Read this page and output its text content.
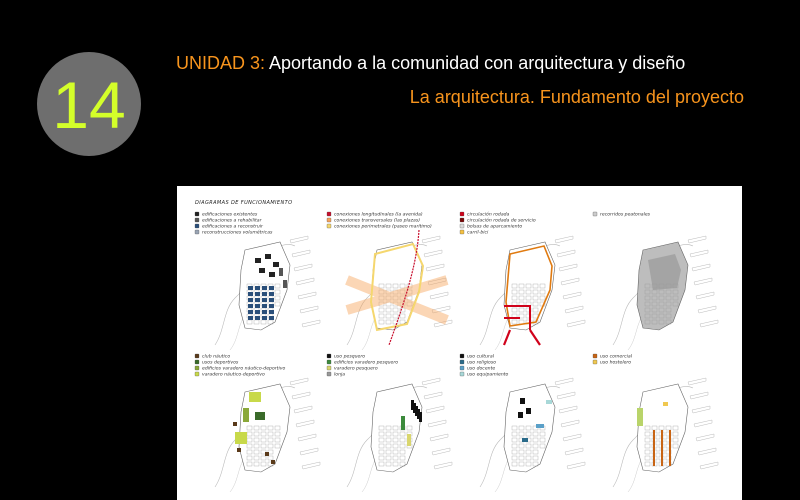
14
UNIDAD 3: Aportando a la comunidad con arquitectura y diseño
La arquitectura. Fundamento del proyecto
DIAGRAMAS DE FUNCIONAMIENTO
edificaciones existentes
edificaciones a rehabilitar
edificaciones a reconstruir
reconstrucciones volumétricas
conexiones longitudinales (la avenida)
conexiones transversales (las plazas)
conexiones perimetrales (paseo marítimo)
circulación rodada
circulación rodada de servicio
bolsas de aparcamiento
carril-bici
recorridos peatonales
club náutico
usos deportivos
edificios varadero náutico-deportivo
varadero náutico-deportivo
uso pesquero
edificios varadero pesquero
varadero pesquero
lonja
uso cultural
uso religioso
uso docente
uso equipamiento
uso comercial
uso hostelero
